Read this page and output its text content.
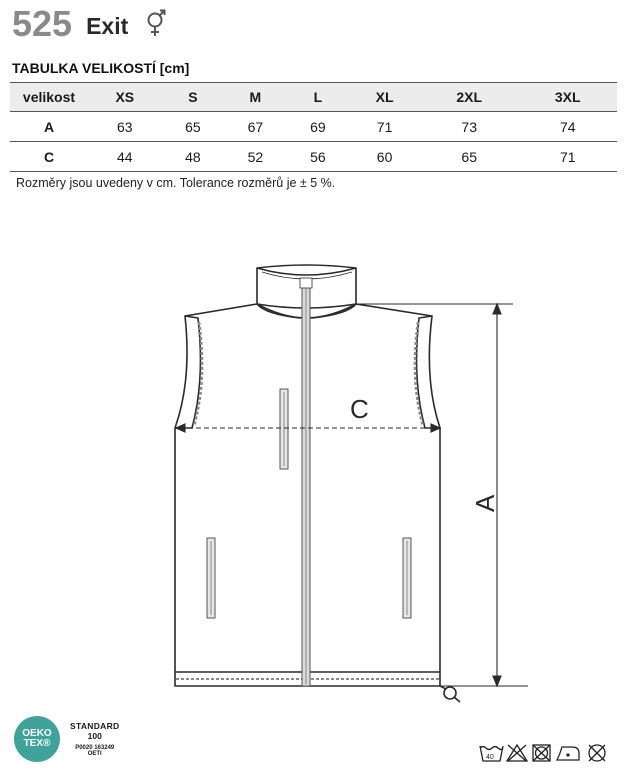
525 Exit
TABULKA VELIKOSTÍ [cm]
velikost	XS	S	M	L	XL	2XL	3XL
A	63	65	67	69	71	73	74
C	44	48	52	56	60	65	71
Rozměry jsou uvedeny v cm. Tolerance rozměrů je ± 5 %.
C
A
OEKO
TEX®
STANDARD
100
P0020 163249
OETI	40
